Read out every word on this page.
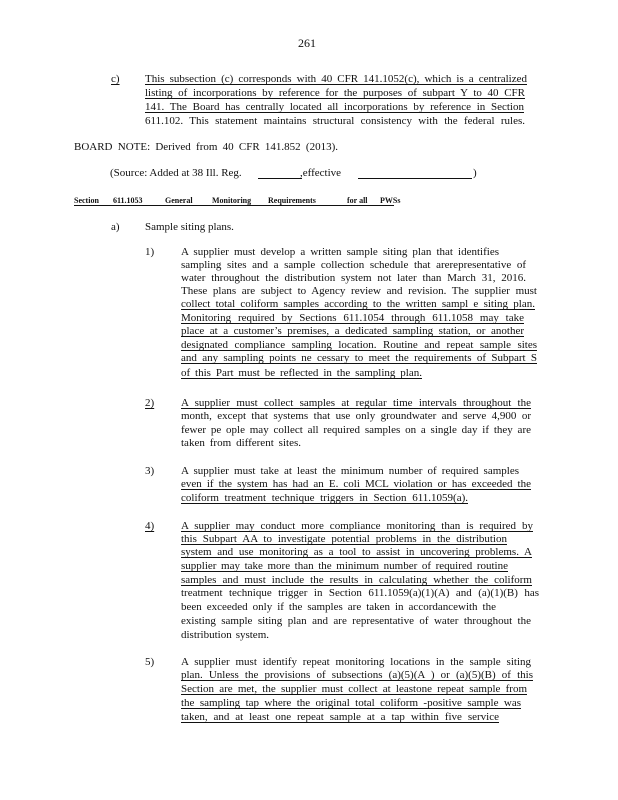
261
c) This subsection (c) corresponds with 40 CFR 141.1052(c), which is a centralized
listing of incorporations by reference for the purposes of subpart Y to 40 CFR
141. The Board has centrally located all incorporations by reference in Section
611.102. This statement maintains structural consistency with the federal rules.
BOARD NOTE: Derived from 40 CFR 141.852 (2013).
(Source: Added at 38 Ill. Reg.	,effective	)
Section 611.1053	General Monitoring Requirements	for all PWSs
a) Sample siting plans.
1) A supplier must develop a written sample siting plan that identifies
sampling sites and a sample collection schedule that arerepresentative of
water throughout the distribution system not later than March 31, 2016.
These plans are subject to Agency review and revision. The supplier must
collect total coliform samples according to the written sampl e siting plan.
Monitoring required by Sections 611.1054 through 611.1058 may take
place at a customer’s premises, a dedicated sampling station, or another
designated compliance sampling location. Routine and repeat sample sites
and any sampling points ne cessary to meet the requirements of Subpart S
of this Part must be reflected in the sampling plan.
2) A supplier must collect samples at regular time intervals throughout the
month, except that systems that use only groundwater and serve 4,900 or
fewer pe ople may collect all required samples on a single day if they are
taken from different sites.
3) A supplier must take at least the minimum number of required samples
even if the system has had an E. coli MCL violation or has exceeded the
coliform treatment technique triggers in Section 611.1059(a).
4) A supplier may conduct more compliance monitoring than is required by
this Subpart AA to investigate potential problems in the distribution
system and use monitoring as a tool to assist in uncovering problems. A
supplier may take more than the minimum number of required routine
samples and must include the results in calculating whether the coliform
treatment technique trigger in Section 611.1059(a)(1)(A) and (a)(1)(B) has
been exceeded only if the samples are taken in accordancewith the
existing sample siting plan and are representative of water throughout the
distribution system.
5) A supplier must identify repeat monitoring locations in the sample siting
plan. Unless the provisions of subsections (a)(5)(A ) or (a)(5)(B) of this
Section are met, the supplier must collect at leastone repeat sample from
the sampling tap where the original total coliform -positive sample was
taken, and at least one repeat sample at a tap within five service
